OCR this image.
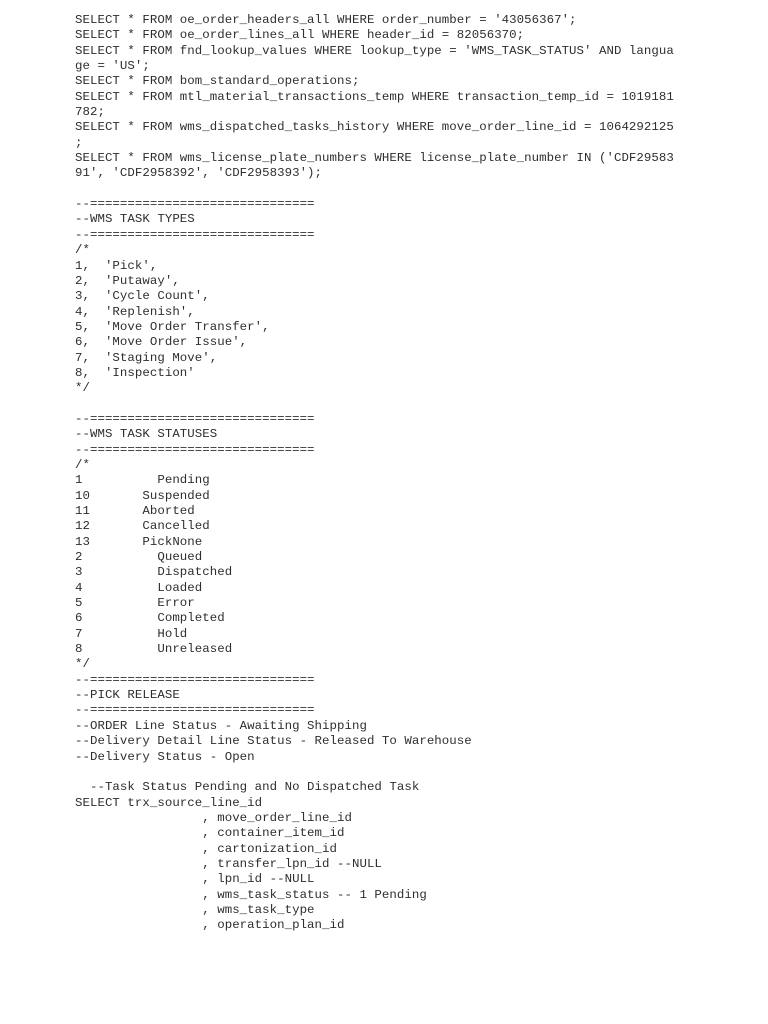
SELECT * FROM oe_order_headers_all WHERE order_number = '43056367';
SELECT * FROM oe_order_lines_all WHERE header_id = 82056370;
SELECT * FROM fnd_lookup_values WHERE lookup_type = 'WMS_TASK_STATUS' AND langua
ge = 'US';
SELECT * FROM bom_standard_operations;
SELECT * FROM mtl_material_transactions_temp WHERE transaction_temp_id = 1019181
782;
SELECT * FROM wms_dispatched_tasks_history WHERE move_order_line_id = 1064292125
;
SELECT * FROM wms_license_plate_numbers WHERE license_plate_number IN ('CDF29583
91', 'CDF2958392', 'CDF2958393');
--==============================
--WMS TASK TYPES
--==============================
/*
1,  'Pick',
2,  'Putaway',
3,  'Cycle Count',
4,  'Replenish',
5,  'Move Order Transfer',
6,  'Move Order Issue',
7,  'Staging Move',
8,  'Inspection'
*/
--==============================
--WMS TASK STATUSES
--==============================
/*
1          Pending
10       Suspended
11       Aborted
12       Cancelled
13       PickNone
2          Queued
3          Dispatched
4          Loaded
5          Error
6          Completed
7          Hold
8          Unreleased
*/
--==============================
--PICK RELEASE
--==============================
--ORDER Line Status - Awaiting Shipping
--Delivery Detail Line Status - Released To Warehouse
--Delivery Status - Open
--Task Status Pending and No Dispatched Task
SELECT trx_source_line_id
, move_order_line_id
, container_item_id
, cartonization_id
, transfer_lpn_id --NULL
, lpn_id --NULL
, wms_task_status -- 1 Pending
, wms_task_type
, operation_plan_id
